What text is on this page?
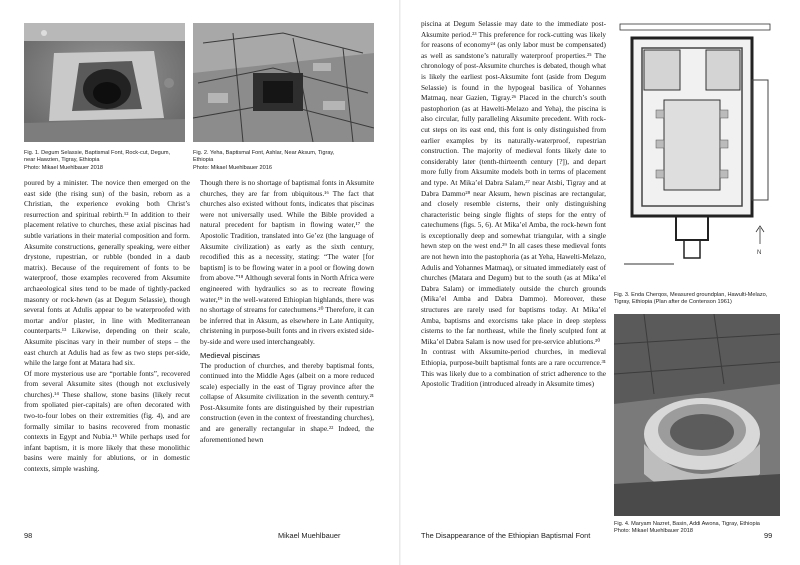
Fig. 1. Degum Selassie, Baptismal Font, Rock-cut, Degum,
near Hawzien, Tigray, Ethiopia
Photo: Mikael Muehlbauer 2018
Fig. 2. Yeha, Baptismal Font, Ashlar, Near Aksum, Tigray,
Ethiopia
Photo: Mikael Muehlbauer 2016

poured by a minister. The novice then emerged on the east side (the rising sun) of the basin, reborn as a Christian, the experience evoking both Christ’s resurrection and spiritual rebirth.¹² In addition to their placement relative to churches, these axial piscinas had subtle variations in their material composition and form. Aksumite constructions, generally speaking, were either drystone, rupestrian, or rubble (bonded in a daub matrix). Because of the requirement of fonts to be waterproof, those examples recovered from Aksumite archaeological sites tend to be made of tightly-packed masonry or rock-hewn (as at Degum Selassie), though several fonts at Adulis appear to be waterproofed with mortar and/or plaster, in line with Mediterranean counterparts.¹³ Likewise, depending on their scale, Aksumite piscinas vary in their number of steps – the east church at Adulis had as few as two steps per-side, while the large font at Matara had six.

Of more mysterious use are “portable fonts”, recovered from several Aksumite sites (though not exclusively churches).¹⁴ These shallow, stone basins (likely recut from spoliated pier-capitals) are often decorated with two-to-four lobes on their extremities (fig. 4), and are formally similar to basins recovered from monastic contexts in Egypt and Nubia.¹⁵ While perhaps used for infant baptism, it is more likely that these monolithic basins were mainly for ablutions, or in domestic contexts, simple washing.

Though there is no shortage of baptismal fonts in Aksumite churches, they are far from ubiquitous.¹⁶ The fact that churches also existed without fonts, indicates that piscinas were not universally used. While the Bible provided a natural precedent for baptism in flowing water,¹⁷ the Apostolic Tradition, translated into Ge’ez (the language of Aksumite civilization) as early as the sixth century, recodified this as a necessity, stating: “The water [for baptism] is to be flowing water in a pool or flowing down from above.”¹⁸ Although several fonts in North Africa were engineered with hydraulics so as to recreate flowing water,¹⁹ in the well-watered Ethiopian highlands, there was no shortage of streams for catechumens.²⁰ Therefore, it can be inferred that in Aksum, as elsewhere in Late Antiquity, christening in purpose-built fonts and in rivers existed side-by-side and were used interchangeably.

Medieval piscinas

The production of churches, and thereby baptismal fonts, continued into the Middle Ages (albeit on a more reduced scale) especially in the east of Tigray province after the collapse of Aksumite civilization in the seventh century.²¹ Post-Aksumite fonts are distinguished by their rupestrian construction (even in the context of freestanding churches), and are generally rectangular in shape.²² Indeed, the aforementioned hewn

98	Mikael Muehlbauer

piscina at Degum Selassie may date to the immediate post-Aksumite period.²³ This preference for rock-cutting was likely for reasons of economy²⁴ (as only labor must be compensated) as well as sandstone’s naturally waterproof properties.²⁵ The chronology of post-Aksumite churches is debated, though what is likely the earliest post-Aksumite font (aside from Degum Selassie) is found in the hypogeal basilica of Yohannes Matmaq, near Gazien, Tigray.²⁶ Placed in the church’s south pastophorion (as at Hawelti-Melazo and Yeha), the piscina is also circular, fully paralleling Aksumite precedent. With rock-cut steps on its east end, this font is only distinguished from earlier examples by its naturally-waterproof, rupestrian construction. The majority of medieval fonts likely date to considerably later (tenth-thirteenth century [?]), and depart more fully from Aksumite models both in terms of placement and type. At Mika’el Dabra Salam,²⁷ near Atsbi, Tigray and at Dabra Dammo²⁸ near Aksum, hewn piscinas are rectangular, and closely resemble cisterns, their only distinguishing characteristic being single flights of steps for the entry of catechumens (figs. 5, 6). At Mika’el Amba, the rock-hewn font is exceptionally deep and somewhat triangular, with a single hewn step on the west end.²⁹ In all cases these medieval fonts are not hewn into the pastophoria (as at Yeha, Hawelti-Melazo, Adulis and Yohannes Matmaq), or situated immediately east of churches (Matara and Degum) but to the south (as at Mika’el Dabra Salam) or immediately outside the church grounds (Mika’el Amba and Dabra Dammo). Moreover, these structures are rarely used for baptisms today. At Mika’el Amba, baptisms and exorcisms take place in deep stepless cisterns to the far northeast, while the finely sculpted font at Mika’el Dabra Salam is now used for pre-service ablutions.³⁰

In contrast with Aksumite-period churches, in medieval Ethiopia, purpose-built baptismal fonts are a rare occurrence.³¹ This was likely due to a combination of strict adherence to the Apostolic Tradition (introduced already in Aksumite times)

N
Fig. 3. Enda Cherqos, Measured groundplan, Hawulti-Melazo,
Tigray, Ethiopia (Plan after de Contenson 1961)
Fig. 4. Maryam Nazret, Basin, Addi Awona, Tigray, Ethiopia
Photo: Mikael Muehlbauer 2018
The Disappearance of the Ethiopian Baptismal Font	99
